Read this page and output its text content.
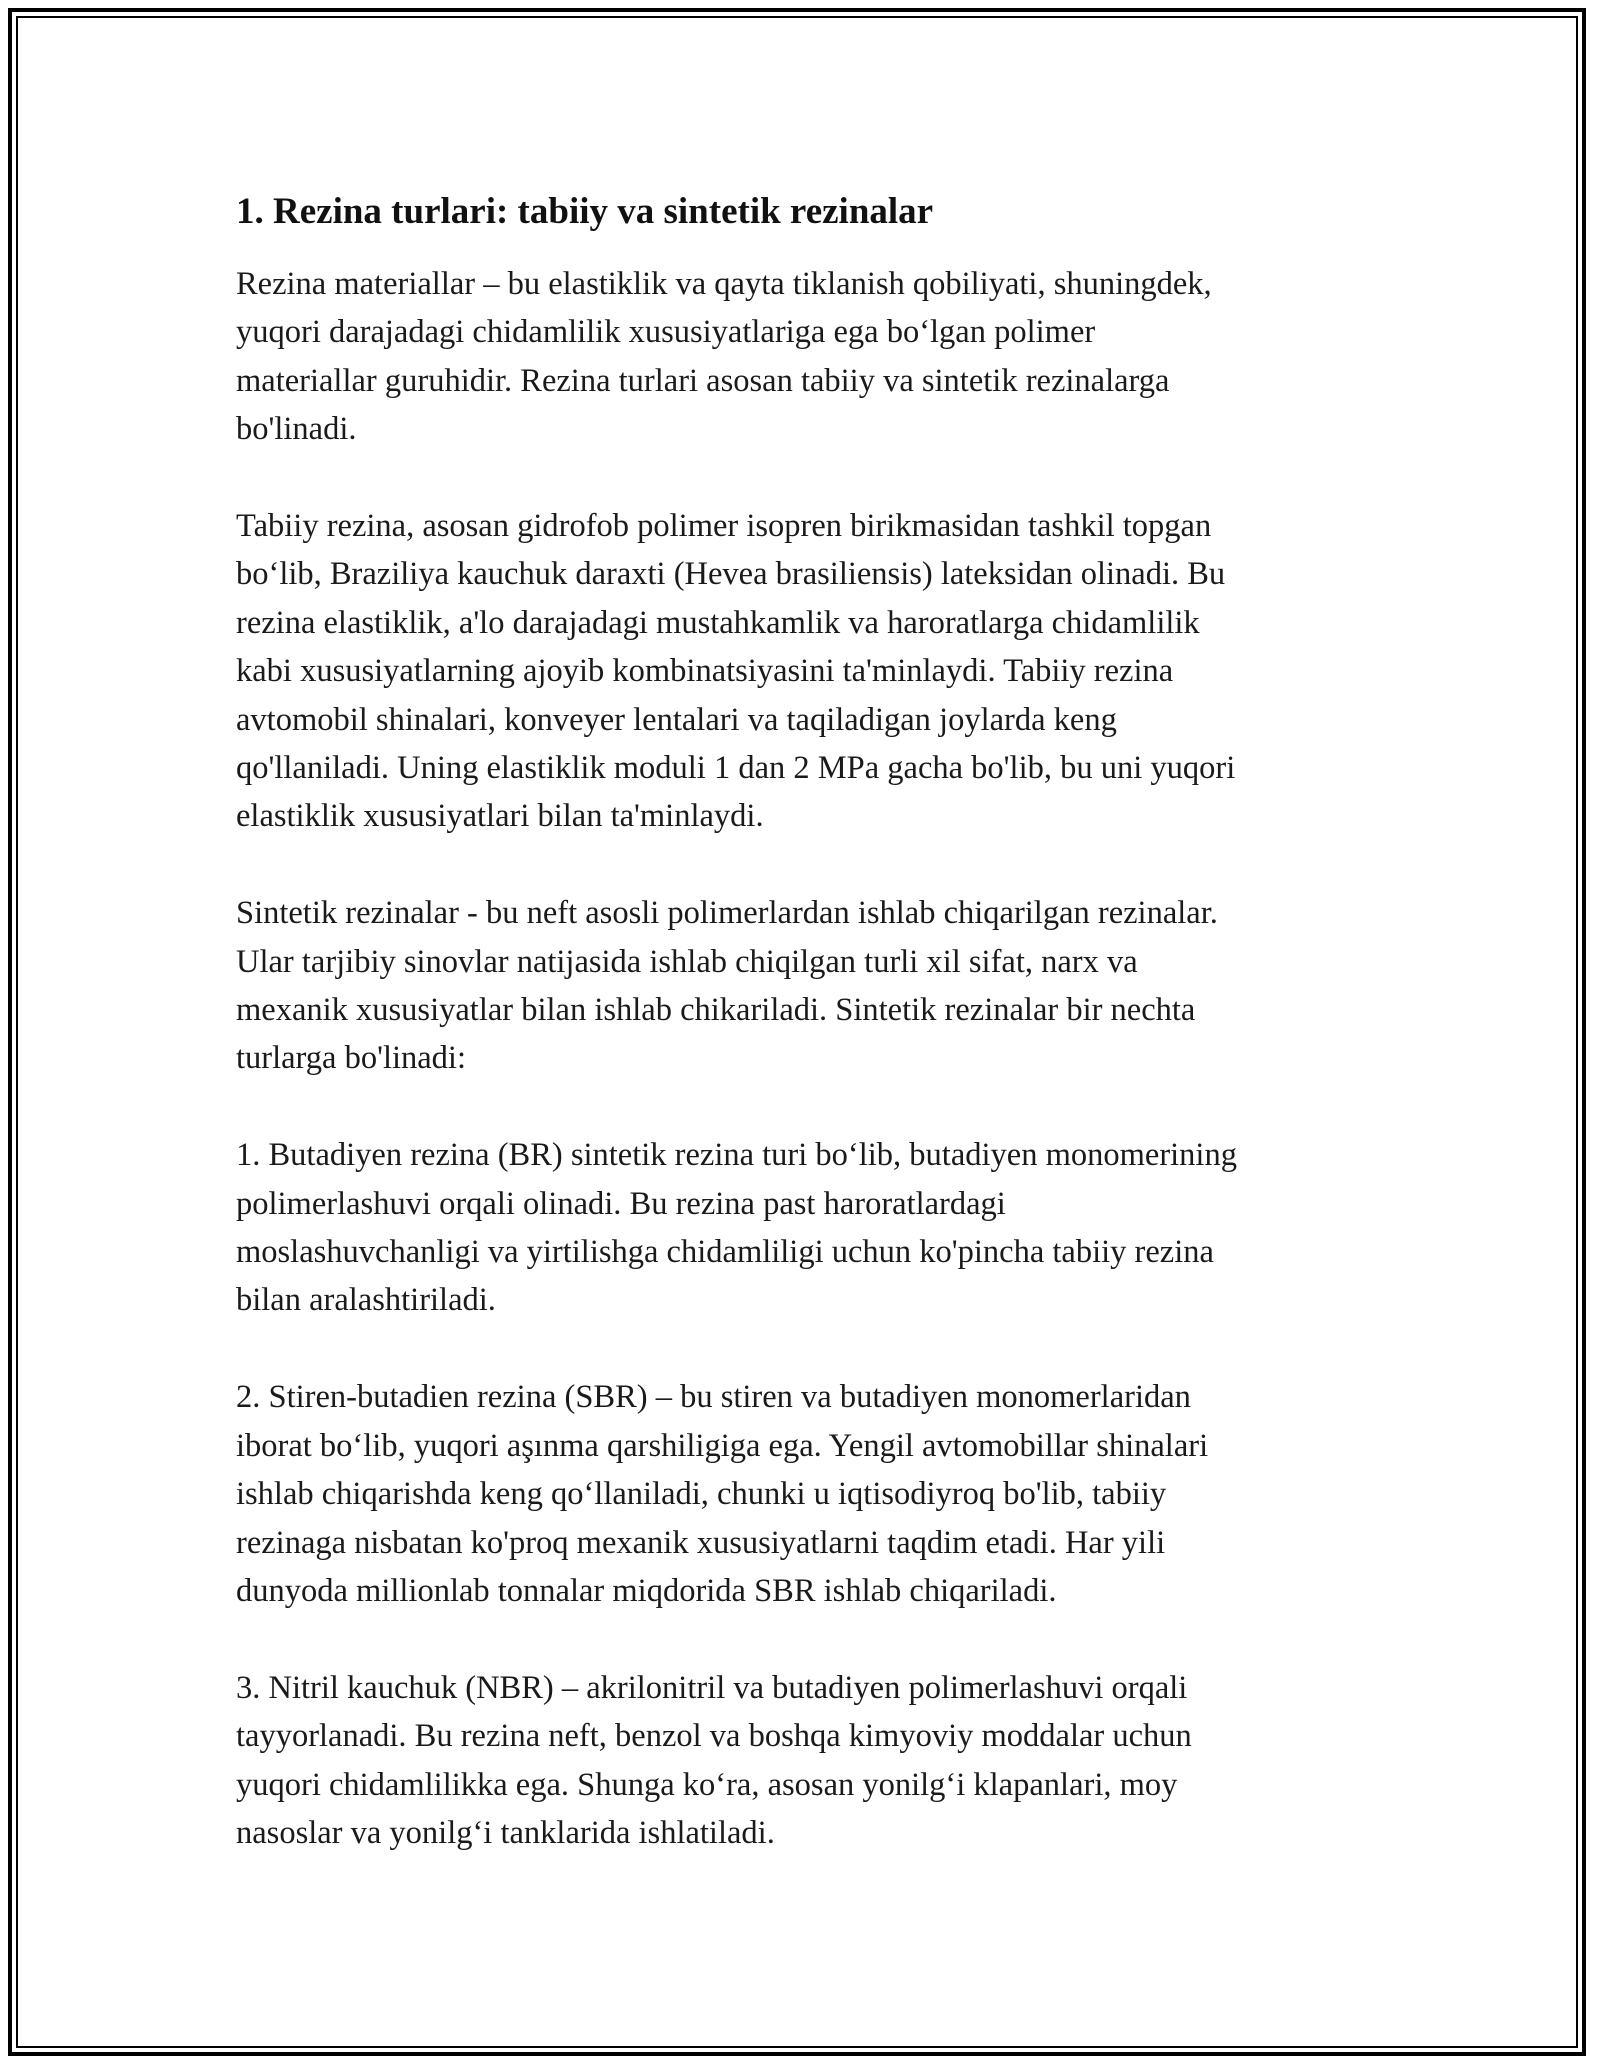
1. Rezina turlari: tabiiy va sintetik rezinalar

Rezina materiallar – bu elastiklik va qayta tiklanish qobiliyati, shuningdek,
yuqori darajadagi chidamlilik xususiyatlariga ega bo‘lgan polimer
materiallar guruhidir. Rezina turlari asosan tabiiy va sintetik rezinalarga
bo'linadi.

Tabiiy rezina, asosan gidrofob polimer isopren birikmasidan tashkil topgan
bo‘lib, Braziliya kauchuk daraxti (Hevea brasiliensis) lateksidan olinadi. Bu
rezina elastiklik, a'lo darajadagi mustahkamlik va haroratlarga chidamlilik
kabi xususiyatlarning ajoyib kombinatsiyasini ta'minlaydi. Tabiiy rezina
avtomobil shinalari, konveyer lentalari va taqiladigan joylarda keng
qo'llaniladi. Uning elastiklik moduli 1 dan 2 MPa gacha bo'lib, bu uni yuqori
elastiklik xususiyatlari bilan ta'minlaydi.

Sintetik rezinalar - bu neft asosli polimerlardan ishlab chiqarilgan rezinalar.
Ular tarjibiy sinovlar natijasida ishlab chiqilgan turli xil sifat, narx va
mexanik xususiyatlar bilan ishlab chikariladi. Sintetik rezinalar bir nechta
turlarga bo'linadi:

1. Butadiyen rezina (BR) sintetik rezina turi bo‘lib, butadiyen monomerining
polimerlashuvi orqali olinadi. Bu rezina past haroratlardagi
moslashuvchanligi va yirtilishga chidamliligi uchun ko'pincha tabiiy rezina
bilan aralashtiriladi.

2. Stiren-butadien rezina (SBR) – bu stiren va butadiyen monomerlaridan
iborat bo‘lib, yuqori aşınma qarshiligiga ega. Yengil avtomobillar shinalari
ishlab chiqarishda keng qo‘llaniladi, chunki u iqtisodiyroq bo'lib, tabiiy
rezinaga nisbatan ko'proq mexanik xususiyatlarni taqdim etadi. Har yili
dunyoda millionlab tonnalar miqdorida SBR ishlab chiqariladi.

3. Nitril kauchuk (NBR) – akrilonitril va butadiyen polimerlashuvi orqali
tayyorlanadi. Bu rezina neft, benzol va boshqa kimyoviy moddalar uchun
yuqori chidamlilikka ega. Shunga ko‘ra, asosan yonilg‘i klapanlari, moy
nasoslar va yonilg‘i tanklarida ishlatiladi.
